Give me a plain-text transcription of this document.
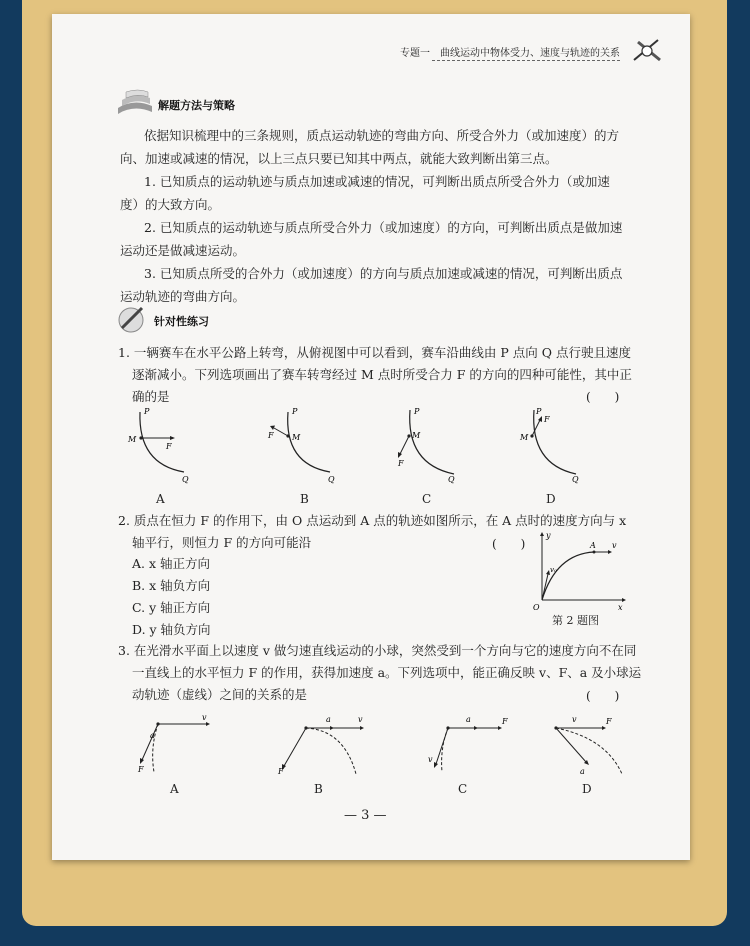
专题一　曲线运动中物体受力、速度与轨迹的关系
解题方法与策略
依据知识梳理中的三条规则，质点运动轨迹的弯曲方向、所受合外力（或加速度）的方向、加速或减速的情况，以上三点只要已知其中两点，就能大致判断出第三点。
1. 已知质点的运动轨迹与质点加速或减速的情况，可判断出质点所受合外力（或加速度）的大致方向。
2. 已知质点的运动轨迹与质点所受合外力（或加速度）的方向，可判断出质点是做加速运动还是做减速运动。
3. 已知质点所受的合外力（或加速度）的方向与质点加速或减速的情况，可判断出质点运动轨迹的弯曲方向。
针对性练习
1. 一辆赛车在水平公路上转弯，从俯视图中可以看到，赛车沿曲线由 P 点向 Q 点行驶且速度逐渐减小。下列选项画出了赛车转弯经过 M 点时所受合力 F 的方向的四种可能性，其中正确的是	(　　)
P
M
F
Q
A
P
M
F
Q
B
P
M
F
Q
C
P
F
M
Q
D
2. 质点在恒力 F 的作用下，由 O 点运动到 A 点的轨迹如图所示，在 A 点时的速度方向与 x 轴平行，则恒力 F 的方向可能沿	(　　)
A. x 轴正方向
B. x 轴负方向
C. y 轴正方向
D. y 轴负方向
y
x
O
A v
v₀
第 2 题图
3. 在光滑水平面上以速度 v 做匀速直线运动的小球，突然受到一个方向与它的速度方向不在同一直线上的水平恒力 F 的作用，获得加速度 a。下列选项中，能正确反映 v、F、a 及小球运动轨迹（虚线）之间的关系的是	(　　)
v
a
F
A
v
a
F
B
a	F
v
C
v	F
a
D
— 3 —
